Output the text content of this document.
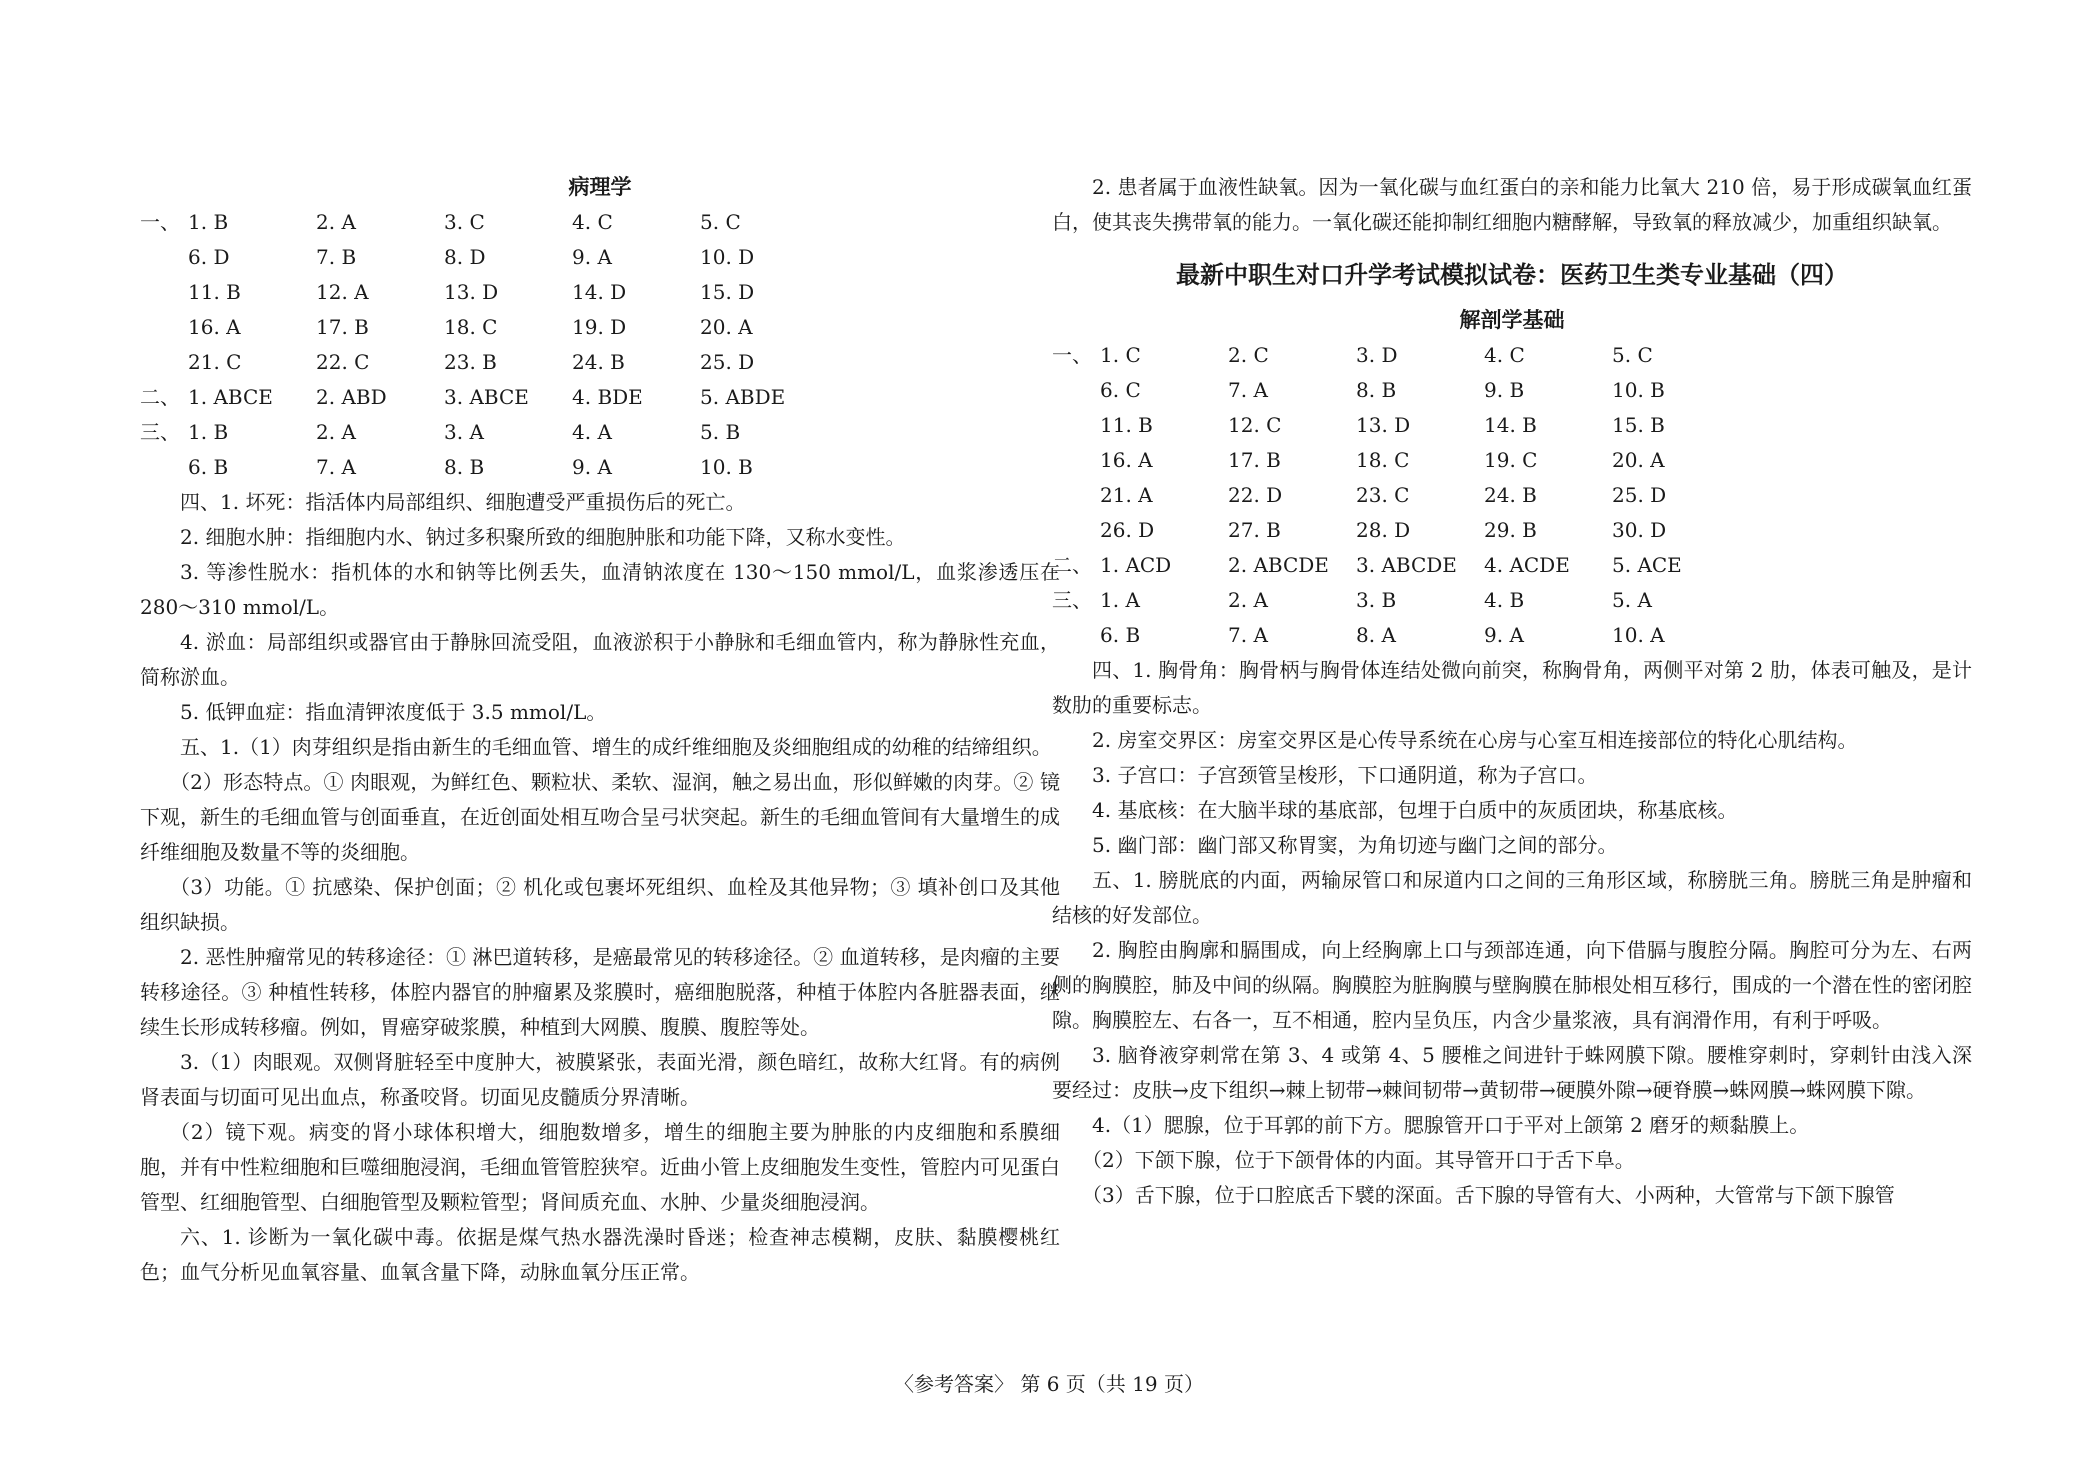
病理学
一、 1. B	2. A	3. C	4. C	5. C
6. D	7. B	8. D	9. A	10. D
11. B	12. A	13. D	14. D	15. D
16. A	17. B	18. C	19. D	20. A
21. C	22. C	23. B	24. B	25. D
二、 1. ABCE	2. ABD	3. ABCE	4. BDE	5. ABDE
三、 1. B	2. A	3. A	4. A	5. B
6. B	7. A	8. B	9. A	10. B

四、1. 坏死：指活体内局部组织、细胞遭受严重损伤后的死亡。

2. 细胞水肿：指细胞内水、钠过多积聚所致的细胞肿胀和功能下降，又称水变性。

3. 等渗性脱水：指机体的水和钠等比例丢失，血清钠浓度在 130～150 mmol/L，血浆渗透压在 280～310 mmol/L。

4. 淤血：局部组织或器官由于静脉回流受阻，血液淤积于小静脉和毛细血管内，称为静脉性充血，简称淤血。

5. 低钾血症：指血清钾浓度低于 3.5 mmol/L。

五、1.（1）肉芽组织是指由新生的毛细血管、增生的成纤维细胞及炎细胞组成的幼稚的结缔组织。

（2）形态特点。① 肉眼观，为鲜红色、颗粒状、柔软、湿润，触之易出血，形似鲜嫩的肉芽。② 镜下观，新生的毛细血管与创面垂直，在近创面处相互吻合呈弓状突起。新生的毛细血管间有大量增生的成纤维细胞及数量不等的炎细胞。

（3）功能。① 抗感染、保护创面；② 机化或包裹坏死组织、血栓及其他异物；③ 填补创口及其他组织缺损。

2. 恶性肿瘤常见的转移途径：① 淋巴道转移，是癌最常见的转移途径。② 血道转移，是肉瘤的主要转移途径。③ 种植性转移，体腔内器官的肿瘤累及浆膜时，癌细胞脱落，种植于体腔内各脏器表面，继续生长形成转移瘤。例如，胃癌穿破浆膜，种植到大网膜、腹膜、腹腔等处。

3.（1）肉眼观。双侧肾脏轻至中度肿大，被膜紧张，表面光滑，颜色暗红，故称大红肾。有的病例肾表面与切面可见出血点，称蚤咬肾。切面见皮髓质分界清晰。

（2）镜下观。病变的肾小球体积增大，细胞数增多，增生的细胞主要为肿胀的内皮细胞和系膜细胞，并有中性粒细胞和巨噬细胞浸润，毛细血管管腔狭窄。近曲小管上皮细胞发生变性，管腔内可见蛋白管型、红细胞管型、白细胞管型及颗粒管型；肾间质充血、水肿、少量炎细胞浸润。

六、1. 诊断为一氧化碳中毒。依据是煤气热水器洗澡时昏迷；检查神志模糊，皮肤、黏膜樱桃红色；血气分析见血氧容量、血氧含量下降，动脉血氧分压正常。

2. 患者属于血液性缺氧。因为一氧化碳与血红蛋白的亲和能力比氧大 210 倍，易于形成碳氧血红蛋白，使其丧失携带氧的能力。一氧化碳还能抑制红细胞内糖酵解，导致氧的释放减少，加重组织缺氧。

最新中职生对口升学考试模拟试卷：医药卫生类专业基础（四）
解剖学基础
一、 1. C	2. C	3. D	4. C	5. C
6. C	7. A	8. B	9. B	10. B
11. B	12. C	13. D	14. B	15. B
16. A	17. B	18. C	19. C	20. A
21. A	22. D	23. C	24. B	25. D
26. D	27. B	28. D	29. B	30. D
二、 1. ACD	2. ABCDE	3. ABCDE	4. ACDE	5. ACE
三、 1. A	2. A	3. B	4. B	5. A
6. B	7. A	8. A	9. A	10. A

四、1. 胸骨角：胸骨柄与胸骨体连结处微向前突，称胸骨角，两侧平对第 2 肋，体表可触及，是计数肋的重要标志。

2. 房室交界区：房室交界区是心传导系统在心房与心室互相连接部位的特化心肌结构。

3. 子宫口：子宫颈管呈梭形，下口通阴道，称为子宫口。

4. 基底核：在大脑半球的基底部，包埋于白质中的灰质团块，称基底核。

5. 幽门部：幽门部又称胃窦，为角切迹与幽门之间的部分。

五、1. 膀胱底的内面，两输尿管口和尿道内口之间的三角形区域，称膀胱三角。膀胱三角是肿瘤和结核的好发部位。

2. 胸腔由胸廓和膈围成，向上经胸廓上口与颈部连通，向下借膈与腹腔分隔。胸腔可分为左、右两侧的胸膜腔，肺及中间的纵隔。胸膜腔为脏胸膜与壁胸膜在肺根处相互移行，围成的一个潜在性的密闭腔隙。胸膜腔左、右各一，互不相通，腔内呈负压，内含少量浆液，具有润滑作用，有利于呼吸。

3. 脑脊液穿刺常在第 3、4 或第 4、5 腰椎之间进针于蛛网膜下隙。腰椎穿刺时，穿刺针由浅入深要经过：皮肤→皮下组织→棘上韧带→棘间韧带→黄韧带→硬膜外隙→硬脊膜→蛛网膜→蛛网膜下隙。

4.（1）腮腺，位于耳郭的前下方。腮腺管开口于平对上颌第 2 磨牙的颊黏膜上。

（2）下颌下腺，位于下颌骨体的内面。其导管开口于舌下阜。

（3）舌下腺，位于口腔底舌下襞的深面。舌下腺的导管有大、小两种，大管常与下颌下腺管

〈参考答案〉 第 6 页（共 19 页）
